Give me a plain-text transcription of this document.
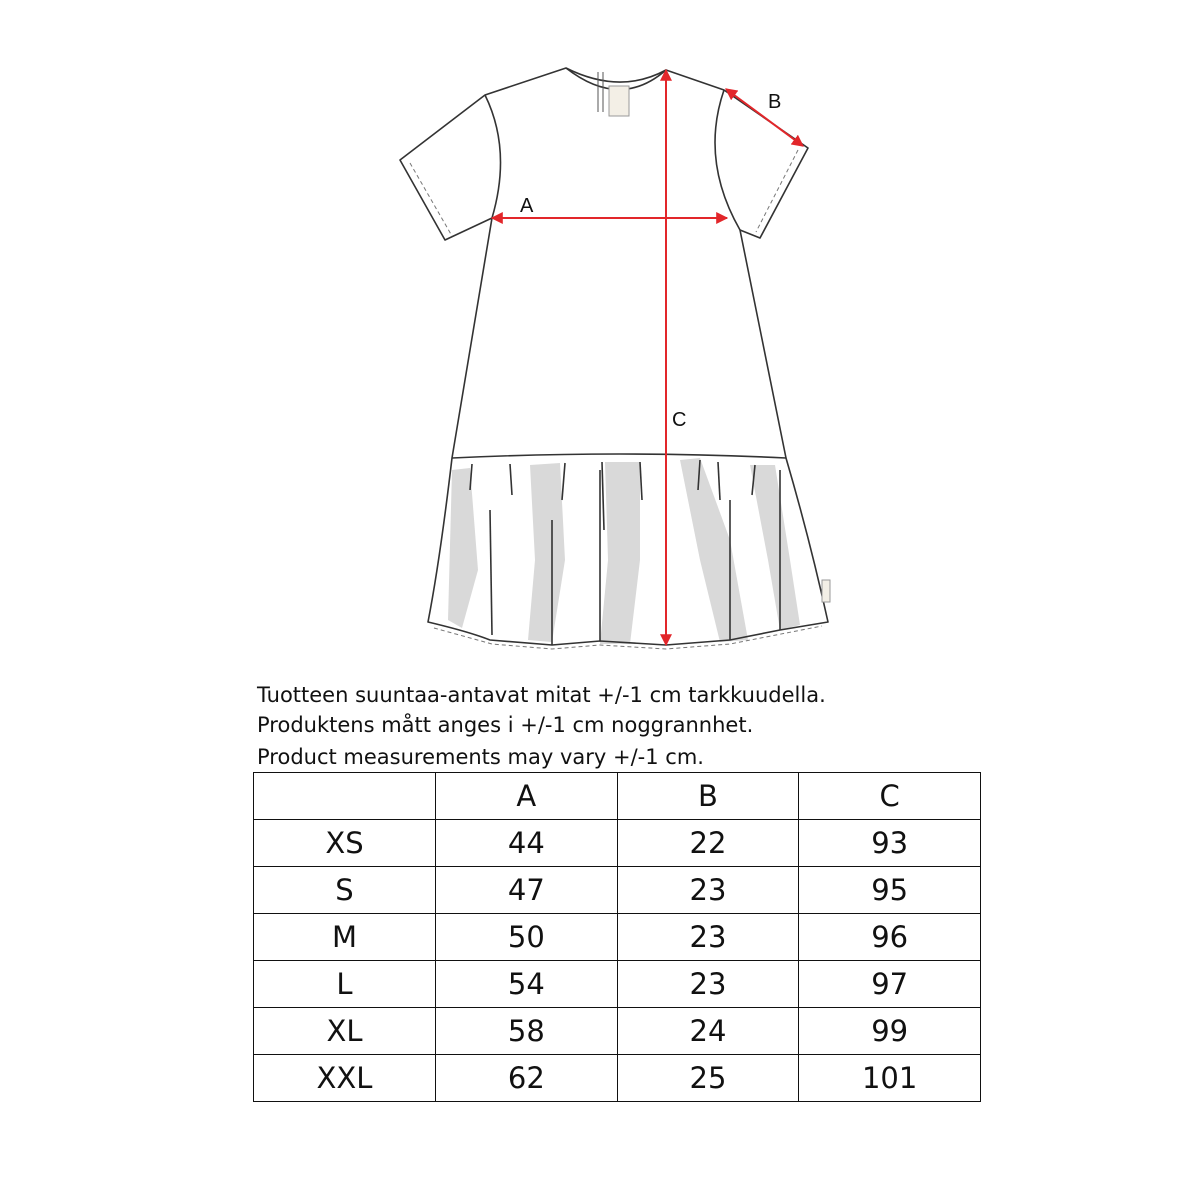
A
B
C
Tuotteen suuntaa-antavat mitat +/-1 cm tarkkuudella.
Produktens mått anges i +/-1 cm noggrannhet.
Product measurements may vary +/-1 cm.
	A	B	C
XS	44	22	93
S	47	23	95
M	50	23	96
L	54	23	97
XL	58	24	99
XXL	62	25	101
